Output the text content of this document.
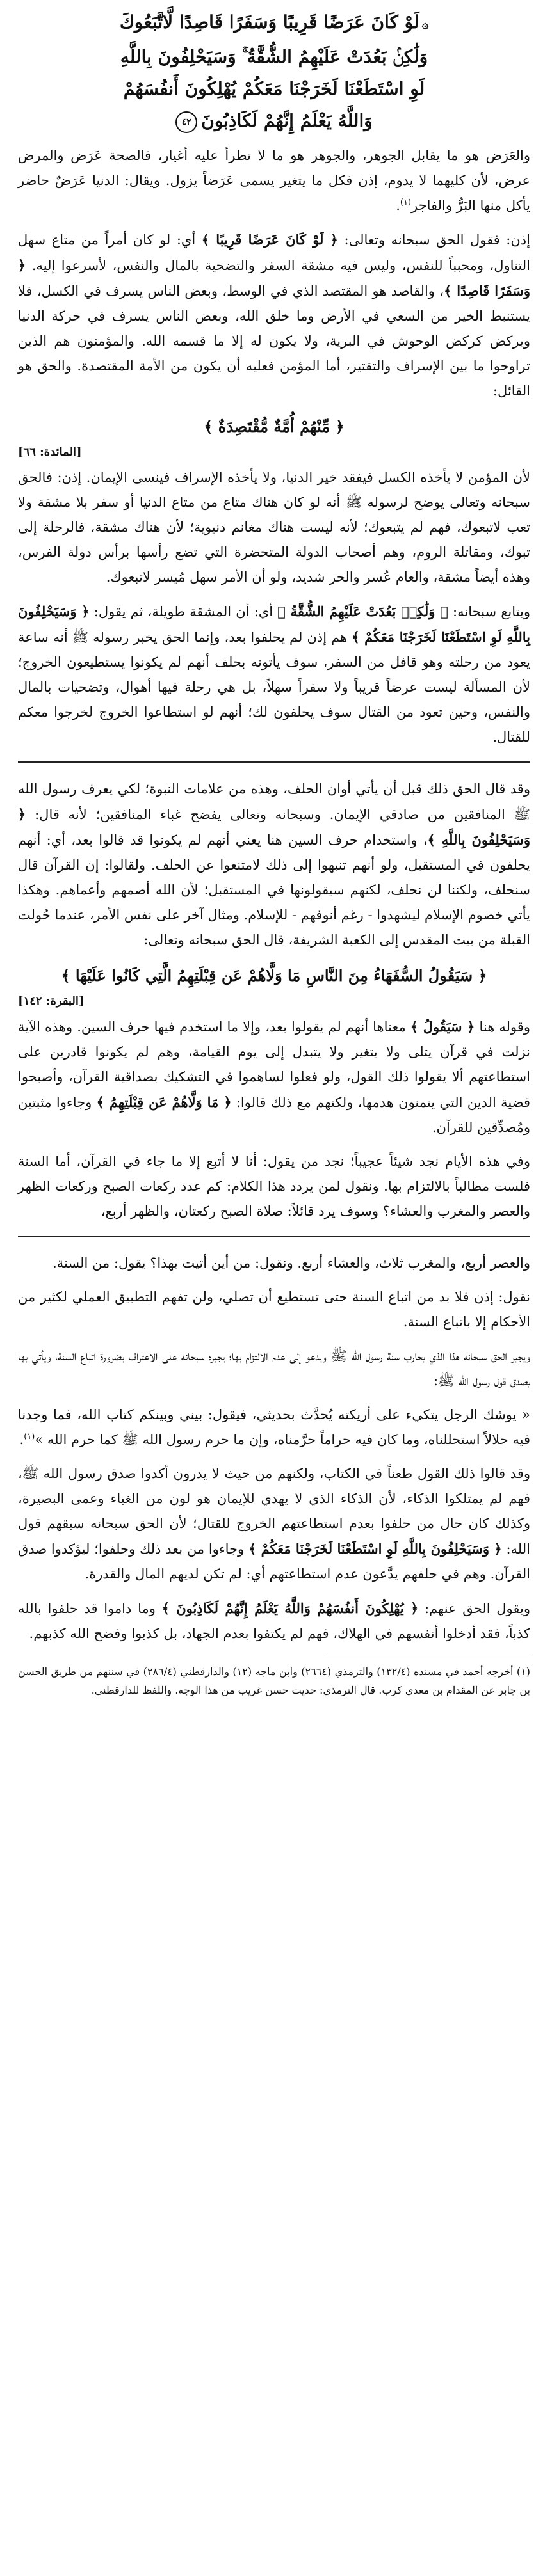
۞لَوْ كَانَ عَرَضًا قَرِيبًا وَسَفَرًا قَاصِدًا لَّاتَّبَعُوكَ
وَلَٰكِنۢ بَعُدَتْ عَلَيْهِمُ الشُّقَّةُ ۚ وَسَيَحْلِفُونَ بِاللَّهِ
لَوِ اسْتَطَعْنَا لَخَرَجْنَا مَعَكُمْ يُهْلِكُونَ أَنفُسَهُمْ
وَاللَّهُ يَعْلَمُ إِنَّهُمْ لَكَاذِبُونَ٤٢

والعَرَض هو ما يقابل الجوهر، والجوهر هو ما لا تطرأ عليه أغيار، فالصحة عَرَض والمرض عرض، لأن كليهما لا يدوم، إذن فكل ما يتغير يسمى عَرَضاً يزول. ويقال: الدنيا عَرَضٌ حاضر يأكل منها البَرُّ والفاجر$^{(١)}$.

إذن: فقول الحق سبحانه وتعالى: ﴿ لَوْ كَانَ عَرَضًا قَرِيبًا ﴾ أي: لو كان أمراً من متاع سهل التناول، ومحبباً للنفس، وليس فيه مشقة السفر والتضحية بالمال والنفس، لأسرعوا إليه. ﴿ وَسَفَرًا قَاصِدًا ﴾، والقاصد هو المقتصد الذي في الوسط، وبعض الناس يسرف في الكسل، فلا يستنبط الخير من السعي في الأرض وما خلق الله، وبعض الناس يسرف في حركة الدنيا ويركض كركض الوحوش في البرية، ولا يكون له إلا ما قسمه الله. والمؤمنون هم الذين تراوحوا ما بين الإسراف والتقتير، أما المؤمن فعليه أن يكون من الأمة المقتصدة. والحق هو القائل:

﴿ مِّنْهُمْ أُمَّةٌ مُّقْتَصِدَةٌ ﴾
[المائدة: ٦٦]

لأن المؤمن لا يأخذه الكسل فيفقد خير الدنيا، ولا يأخذه الإسراف فينسى الإيمان. إذن: فالحق سبحانه وتعالى يوضح لرسوله ﷺ أنه لو كان هناك متاع من متاع الدنيا أو سفر بلا مشقة ولا تعب لاتبعوك، فهم لم يتبعوك؛ لأنه ليست هناك مغانم دنيوية؛ لأن هناك مشقة، فالرحلة إلى تبوك، ومقاتلة الروم، وهم أصحاب الدولة المتحضرة التي تضع رأسها برأس دولة الفرس، وهذه أيضاً مشقة، والعام عُسر والحر شديد، ولو أن الأمر سهل مُيسر لاتبعوك.

ويتابع سبحانه: ﴿ وَلَٰكِنۢ بَعُدَتْ عَلَيْهِمُ الشُّقَّةُ ﴾ أي: أن المشقة طويلة، ثم يقول: ﴿ وَسَيَحْلِفُونَ بِاللَّهِ لَوِ اسْتَطَعْنَا لَخَرَجْنَا مَعَكُمْ ﴾ هم إذن لم يحلفوا بعد، وإنما الحق يخبر رسوله ﷺ أنه ساعة يعود من رحلته وهو قافل من السفر، سوف يأتونه بحلف أنهم لم يكونوا يستطيعون الخروج؛ لأن المسألة ليست عرضاً قريباً ولا سفراً سهلاً، بل هي رحلة فيها أهوال، وتضحيات بالمال والنفس، وحين تعود من القتال سوف يحلفون لك؛ أنهم لو استطاعوا الخروج لخرجوا معكم للقتال.

وقد قال الحق ذلك قبل أن يأتي أوان الحلف، وهذه من علامات النبوة؛ لكي يعرف رسول الله ﷺ المنافقين من صادقي الإيمان. وسبحانه وتعالى يفضح غباء المنافقين؛ لأنه قال: ﴿ وَسَيَحْلِفُونَ بِاللَّهِ ﴾، واستخدام حرف السين هنا يعني أنهم لم يكونوا قد قالوا بعد، أي: أنهم يحلفون في المستقبل، ولو أنهم تنبهوا إلى ذلك لامتنعوا عن الحلف. ولقالوا: إن القرآن قال سنحلف، ولكننا لن نحلف، لكنهم سيقولونها في المستقبل؛ لأن الله أصمهم وأعماهم. وهكذا يأتي خصوم الإسلام ليشهدوا - رغم أنوفهم - للإسلام. ومثال آخر على نفس الأمر، عندما حُولت القبلة من بيت المقدس إلى الكعبة الشريفة، قال الحق سبحانه وتعالى:

﴿ سَيَقُولُ السُّفَهَاءُ مِنَ النَّاسِ مَا وَلَّاهُمْ عَن قِبْلَتِهِمُ الَّتِي كَانُوا عَلَيْهَا ﴾
[البقرة: ١٤٢]

وقوله هنا ﴿ سَيَقُولُ ﴾ معناها أنهم لم يقولوا بعد، وإلا ما استخدم فيها حرف السين. وهذه الآية نزلت في قرآن يتلى ولا يتغير ولا يتبدل إلى يوم القيامة، وهم لم يكونوا قادرين على استطاعتهم ألا يقولوا ذلك القول، ولو فعلوا لساهموا في التشكيك بصداقية القرآن، وأصبحوا قضية الدين التي يتمنون هدمها، ولكنهم مع ذلك قالوا: ﴿ مَا وَلَّاهُمْ عَن قِبْلَتِهِمُ ﴾ وجاءوا مثبتين ومُصدِّقين للقرآن.

وفي هذه الأيام نجد شيئاً عجيباً؛ نجد من يقول: أنا لا أتبع إلا ما جاء في القرآن، أما السنة فلست مطالباً بالالتزام بها. ونقول لمن يردد هذا الكلام: كم عدد ركعات الصبح وركعات الظهر والعصر والمغرب والعشاء؟ وسوف يرد قائلاً: صلاة الصبح ركعتان، والظهر أربع،

والعصر أربع، والمغرب ثلاث، والعشاء أربع. ونقول: من أين أتيت بهذا؟ يقول: من السنة.

نقول: إذن فلا بد من اتباع السنة حتى تستطيع أن تصلي، ولن تفهم التطبيق العملي لكثير من الأحكام إلا باتباع السنة.

ويجير الحق سبحانه هذا الذي يحارب سنة رسول الله ﷺ ويدعو إلى عدم الالتزام بها؛ يجبره سبحانه على الاعتراف بضرورة اتباع السنة، ويأتي بها يصدق قول رسول الله ﷺ:

« يوشك الرجل يتكيء على أريكته يُحدَّث بحديثي، فيقول: بيني وبينكم كتاب الله، فما وجدنا فيه حلالاً استحللناه، وما كان فيه حراماً حرَّمناه، وإن ما حرم رسول الله ﷺ كما حرم الله »$^{(١)}$.

وقد قالوا ذلك القول طعناً في الكتاب، ولكنهم من حيث لا يدرون أكدوا صدق رسول الله ﷺ، فهم لم يمتلكوا الذكاء، لأن الذكاء الذي لا يهدي للإيمان هو لون من الغباء وعمى البصيرة، وكذلك كان حال من حلفوا بعدم استطاعتهم الخروج للقتال؛ لأن الحق سبحانه سبقهم قول الله: ﴿ وَسَيَحْلِفُونَ بِاللَّهِ لَوِ اسْتَطَعْنَا لَخَرَجْنَا مَعَكُمْ ﴾ وجاءوا من بعد ذلك وحلفوا؛ ليؤكدوا صدق القرآن. وهم في حلفهم يدَّعون عدم استطاعتهم أي: لم تكن لديهم المال والقدرة.

ويقول الحق عنهم: ﴿ يُهْلِكُونَ أَنفُسَهُمْ وَاللَّهُ يَعْلَمُ إِنَّهُمْ لَكَاذِبُونَ ﴾ وما داموا قد حلفوا بالله كذباً، فقد أدخلوا أنفسهم في الهلاك، فهم لم يكتفوا بعدم الجهاد، بل كذبوا وفضح الله كذبهم.

(١) أخرجه أحمد في مسنده (١٣٢/٤) والترمذي (٢٦٦٤) وابن ماجه (١٢) والدارقطني (٢٨٦/٤) في سننهم من طريق الحسن بن جابر عن المقدام بن معدي كرب. قال الترمذي: حديث حسن غريب من هذا الوجه. واللفظ للدارقطني.
